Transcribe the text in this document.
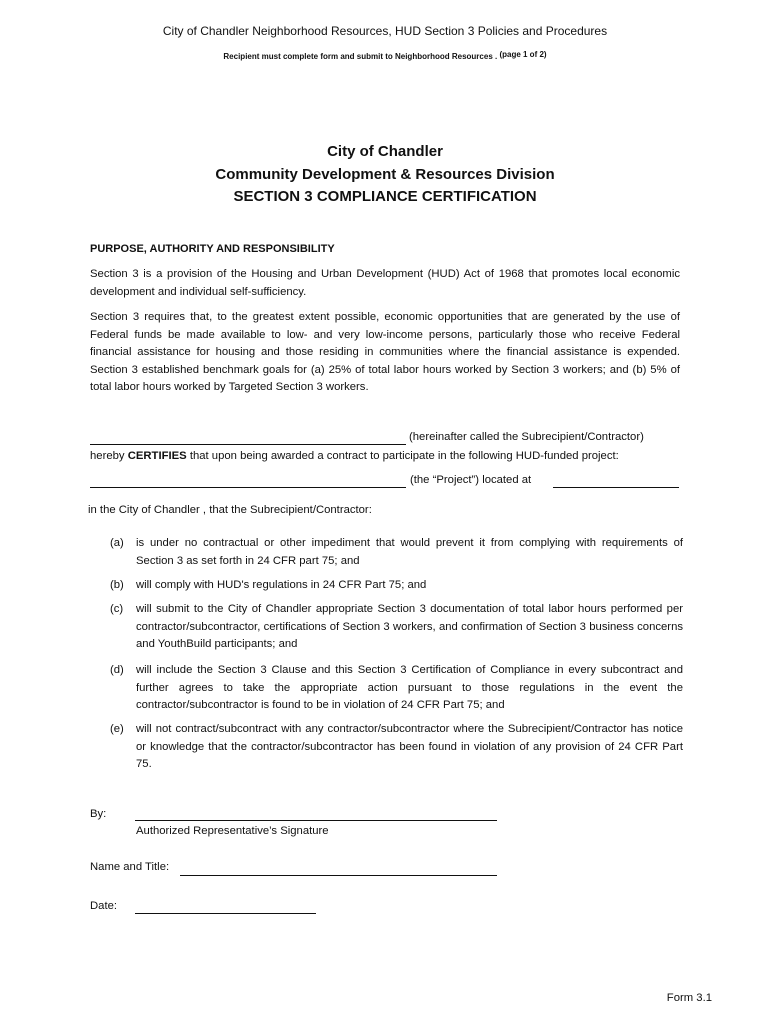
City of Chandler Neighborhood Resources, HUD Section 3 Policies and Procedures
Recipient must complete form and submit to Neighborhood Resources . (page 1 of 2)
City of Chandler
Community Development & Resources Division
SECTION 3 COMPLIANCE CERTIFICATION
PURPOSE, AUTHORITY AND RESPONSIBILITY
Section 3 is a provision of the Housing and Urban Development (HUD) Act of 1968 that promotes local economic development and individual self-sufficiency.
Section 3 requires that, to the greatest extent possible, economic opportunities that are generated by the use of Federal funds be made available to low- and very low-income persons, particularly those who receive Federal financial assistance for housing and those residing in communities where the financial assistance is expended. Section 3 established benchmark goals for (a) 25% of total labor hours worked by Section 3 workers; and (b) 5% of total labor hours worked by Targeted Section 3 workers.
(hereinafter called the Subrecipient/Contractor)
hereby CERTIFIES that upon being awarded a contract to participate in the following HUD-funded project:
(the “Project”) located at
in the City of Chandler , that the Subrecipient/Contractor:
(a)	is under no contractual or other impediment that would prevent it from complying with requirements of Section 3 as set forth in 24 CFR part 75; and
(b)	will comply with HUD's regulations in 24 CFR Part 75; and
(c)	will submit to the City of Chandler appropriate Section 3 documentation of total labor hours performed per contractor/subcontractor, certifications of Section 3 workers, and confirmation of Section 3 business concerns and YouthBuild participants; and
(d)	will include the Section 3 Clause and this Section 3 Certification of Compliance in every subcontract and further agrees to take the appropriate action pursuant to those regulations in the event the contractor/subcontractor is found to be in violation of 24 CFR Part 75; and
(e)	will not contract/subcontract with any contractor/subcontractor where the Subrecipient/Contractor has notice or knowledge that the contractor/subcontractor has been found in violation of any provision of 24 CFR Part 75.
By:
Authorized Representative’s Signature
Name and Title:
Date:
Form 3.1
